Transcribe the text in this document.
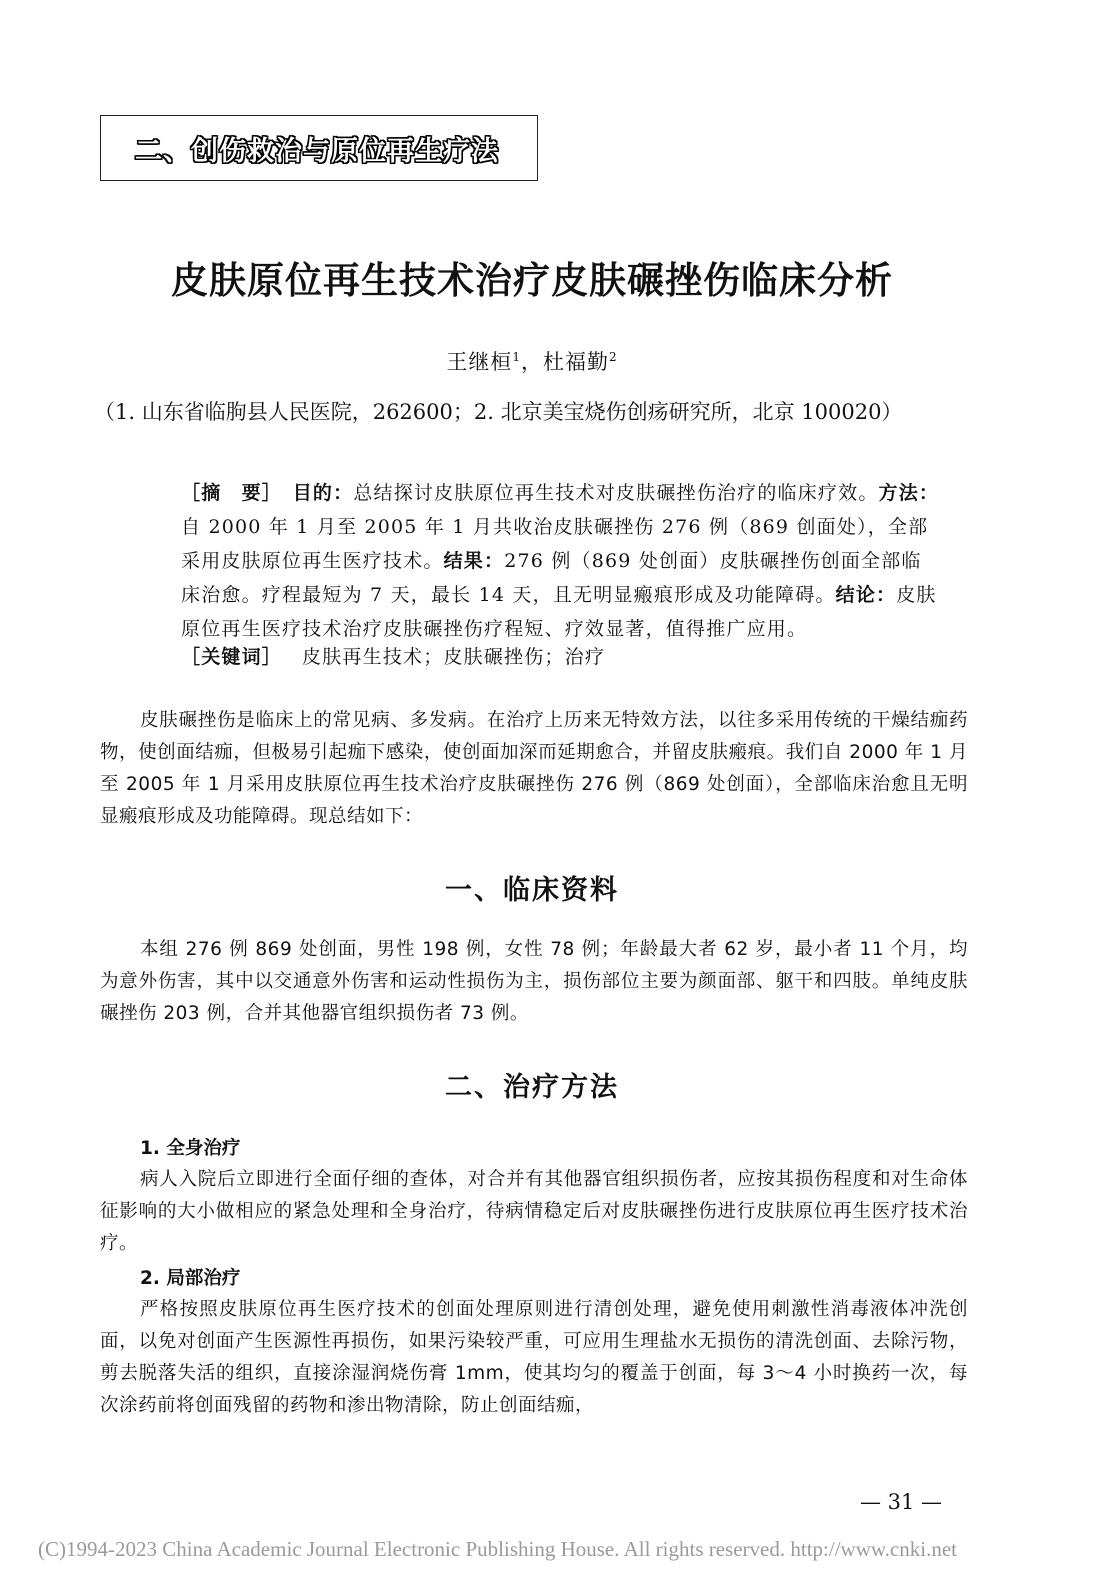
二、创伤救治与原位再生疗法
皮肤原位再生技术治疗皮肤碾挫伤临床分析
王继桓$^1$，杜福勤$^2$
（1. 山东省临朐县人民医院，262600；2. 北京美宝烧伤创疡研究所，北京 100020）
［摘　要］　 目的：总结探讨皮肤原位再生技术对皮肤碾挫伤治疗的临床疗效。方法：自 2000 年 1 月至 2005 年 1 月共收治皮肤碾挫伤 276 例（869 创面处），全部采用皮肤原位再生医疗技术。结果：276 例（869 处创面）皮肤碾挫伤创面全部临床治愈。疗程最短为 7 天，最长 14 天，且无明显瘢痕形成及功能障碍。结论：皮肤原位再生医疗技术治疗皮肤碾挫伤疗程短、疗效显著，值得推广应用。
［关键词］ 皮肤再生技术；皮肤碾挫伤；治疗
皮肤碾挫伤是临床上的常见病、多发病。在治疗上历来无特效方法，以往多采用传统的干燥结痂药物，使创面结痂，但极易引起痂下感染，使创面加深而延期愈合，并留皮肤瘢痕。我们自 2000 年 1 月至 2005 年 1 月采用皮肤原位再生技术治疗皮肤碾挫伤 276 例（869 处创面），全部临床治愈且无明显瘢痕形成及功能障碍。现总结如下：
一、临床资料
本组 276 例 869 处创面，男性 198 例，女性 78 例；年龄最大者 62 岁，最小者 11 个月，均为意外伤害，其中以交通意外伤害和运动性损伤为主，损伤部位主要为颜面部、躯干和四肢。单纯皮肤碾挫伤 203 例，合并其他器官组织损伤者 73 例。
二、治疗方法
1. 全身治疗
病人入院后立即进行全面仔细的查体，对合并有其他器官组织损伤者，应按其损伤程度和对生命体征影响的大小做相应的紧急处理和全身治疗，待病情稳定后对皮肤碾挫伤进行皮肤原位再生医疗技术治疗。
2. 局部治疗
严格按照皮肤原位再生医疗技术的创面处理原则进行清创处理，避免使用刺激性消毒液体冲洗创面，以免对创面产生医源性再损伤，如果污染较严重，可应用生理盐水无损伤的清洗创面、去除污物，剪去脱落失活的组织，直接涂湿润烧伤膏 1mm，使其均匀的覆盖于创面，每 3～4 小时换药一次，每次涂药前将创面残留的药物和渗出物清除，防止创面结痂，
— 31 —
(C)1994-2023 China Academic Journal Electronic Publishing House. All rights reserved. http://www.cnki.net
